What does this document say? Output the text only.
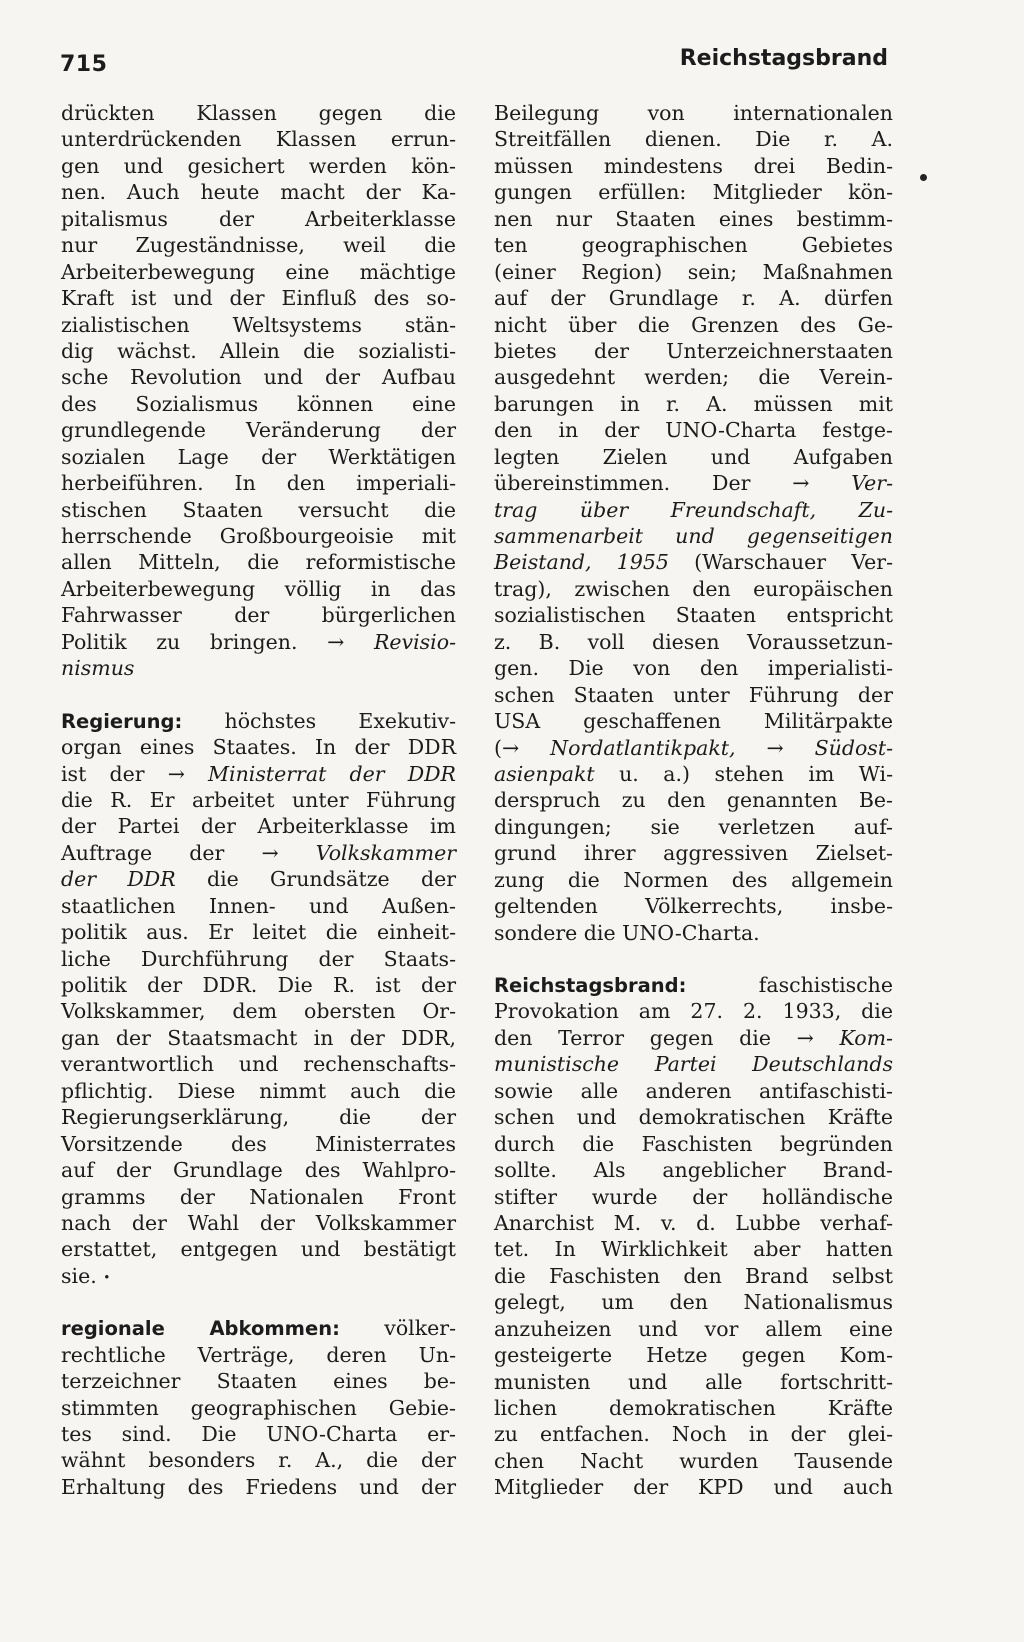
715	Reichstagsbrand
drückten Klassen gegen die
unterdrückenden Klassen errun-
gen und gesichert werden kön-
nen. Auch heute macht der Ka-
pitalismus der Arbeiterklasse
nur Zugeständnisse, weil die
Arbeiterbewegung eine mächtige
Kraft ist und der Einfluß des so-
zialistischen Weltsystems stän-
dig wächst. Allein die sozialisti-
sche Revolution und der Aufbau
des Sozialismus können eine
grundlegende Veränderung der
sozialen Lage der Werktätigen
herbeiführen. In den imperiali-
stischen Staaten versucht die
herrschende Großbourgeoisie mit
allen Mitteln, die reformistische
Arbeiterbewegung völlig in das
Fahrwasser der bürgerlichen
Politik zu bringen. → Revisio-
nismus
Regierung: höchstes Exekutiv-
organ eines Staates. In der DDR
ist der → Ministerrat der DDR
die R. Er arbeitet unter Führung
der Partei der Arbeiterklasse im
Auftrage der → Volkskammer
der DDR die Grundsätze der
staatlichen Innen- und Außen-
politik aus. Er leitet die einheit-
liche Durchführung der Staats-
politik der DDR. Die R. ist der
Volkskammer, dem obersten Or-
gan der Staatsmacht in der DDR,
verantwortlich und rechenschafts-
pflichtig. Diese nimmt auch die
Regierungserklärung, die der
Vorsitzende des Ministerrates
auf der Grundlage des Wahlpro-
gramms der Nationalen Front
nach der Wahl der Volkskammer
erstattet, entgegen und bestätigt
sie. •
regionale Abkommen: völker-
rechtliche Verträge, deren Un-
terzeichner Staaten eines be-
stimmten geographischen Gebie-
tes sind. Die UNO-Charta er-
wähnt besonders r. A., die der
Erhaltung des Friedens und der
Beilegung von internationalen
Streitfällen dienen. Die r. A.
müssen mindestens drei Bedin-
gungen erfüllen: Mitglieder kön-
nen nur Staaten eines bestimm-
ten geographischen Gebietes
(einer Region) sein; Maßnahmen
auf der Grundlage r. A. dürfen
nicht über die Grenzen des Ge-
bietes der Unterzeichnerstaaten
ausgedehnt werden; die Verein-
barungen in r. A. müssen mit
den in der UNO-Charta festge-
legten Zielen und Aufgaben
übereinstimmen. Der → Ver-
trag über Freundschaft, Zu-
sammenarbeit und gegenseitigen
Beistand, 1955 (Warschauer Ver-
trag), zwischen den europäischen
sozialistischen Staaten entspricht
z. B. voll diesen Voraussetzun-
gen. Die von den imperialisti-
schen Staaten unter Führung der
USA geschaffenen Militärpakte
(→ Nordatlantikpakt, → Südost-
asienpakt u. a.) stehen im Wi-
derspruch zu den genannten Be-
dingungen; sie verletzen auf-
grund ihrer aggressiven Zielset-
zung die Normen des allgemein
geltenden Völkerrechts, insbe-
sondere die UNO-Charta.
Reichstagsbrand: faschistische
Provokation am 27. 2. 1933, die
den Terror gegen die → Kom-
munistische Partei Deutschlands
sowie alle anderen antifaschisti-
schen und demokratischen Kräfte
durch die Faschisten begründen
sollte. Als angeblicher Brand-
stifter wurde der holländische
Anarchist M. v. d. Lubbe verhaf-
tet. In Wirklichkeit aber hatten
die Faschisten den Brand selbst
gelegt, um den Nationalismus
anzuheizen und vor allem eine
gesteigerte Hetze gegen Kom-
munisten und alle fortschritt-
lichen demokratischen Kräfte
zu entfachen. Noch in der glei-
chen Nacht wurden Tausende
Mitglieder der KPD und auch
